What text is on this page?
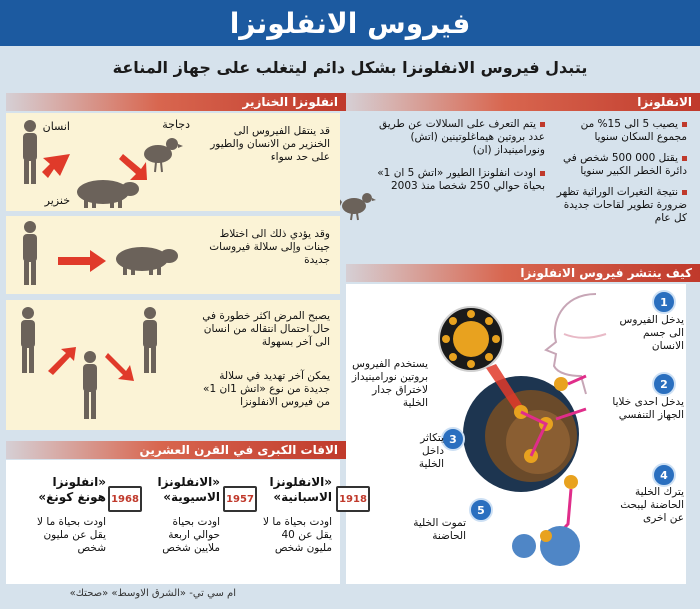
فيروس الانفلونزا
يتبدل فيروس الانفلونزا بشكل دائم ليتغلب على جهاز المناعة
الانفلونزا
يصيب 5 الى 15% من مجموع السكان سنويا
يقتل 000 500 شخص في دائرة الخطر الكبير سنويا
نتيجة التغيرات الوراثية تظهر ضرورة تطوير لقاحات جديدة كل عام
يتم التعرف على السلالات عن طريق عدد بروتين هيماغلوتينين (اتش) ونورامينيداز (ان)
اودت انفلونزا الطيور «اتش 5 ان 1» بحياة حوالي 250 شخصا منذ 2003
انفلونزا الخنازير
قد ينتقل الفيروس الى الخنزير من الانسان والطيور على حد سواء
انسان	دجاجة
خنزير
وقد يؤدي ذلك الى اختلاط جينات وإلى سلالة فيروسات جديدة
يصبح المرض اكثر خطورة في حال احتمال انتقاله من انسان الى آخر بسهولة
يمكن آخر تهديد في سلالة جديدة من نوع «اتش 1ان 1» من فيروس الانفلونزا
كيف ينتشر فيروس الانفلونزا
1
2
3
4
5
يدخل الفيروس الى جسم الانسان
يدخل احدى خلايا الجهاز التنفسي
يتكاثر داخل الخلية
يترك الخلية الحاضنة ليبحث عن اخرى
تموت الخلية الحاضنة
يستخدم الفيروس بروتين نورامينيداز لاختراق جدار الخلية
الافات الكبرى في القرن العشرين
1918
«الانفلونزا الاسبانية»
اودت بحياة ما لا يقل عن 40 مليون شخص
1957
«الانفلونزا الاسيوية»
اودت بحياة حوالي اربعة ملايين شخص
1968
«انفلونزا هونغ كونغ»
اودت بحياة ما لا يقل عن مليون شخص
ام سي تي- «الشرق الاوسط» «صحتك»
